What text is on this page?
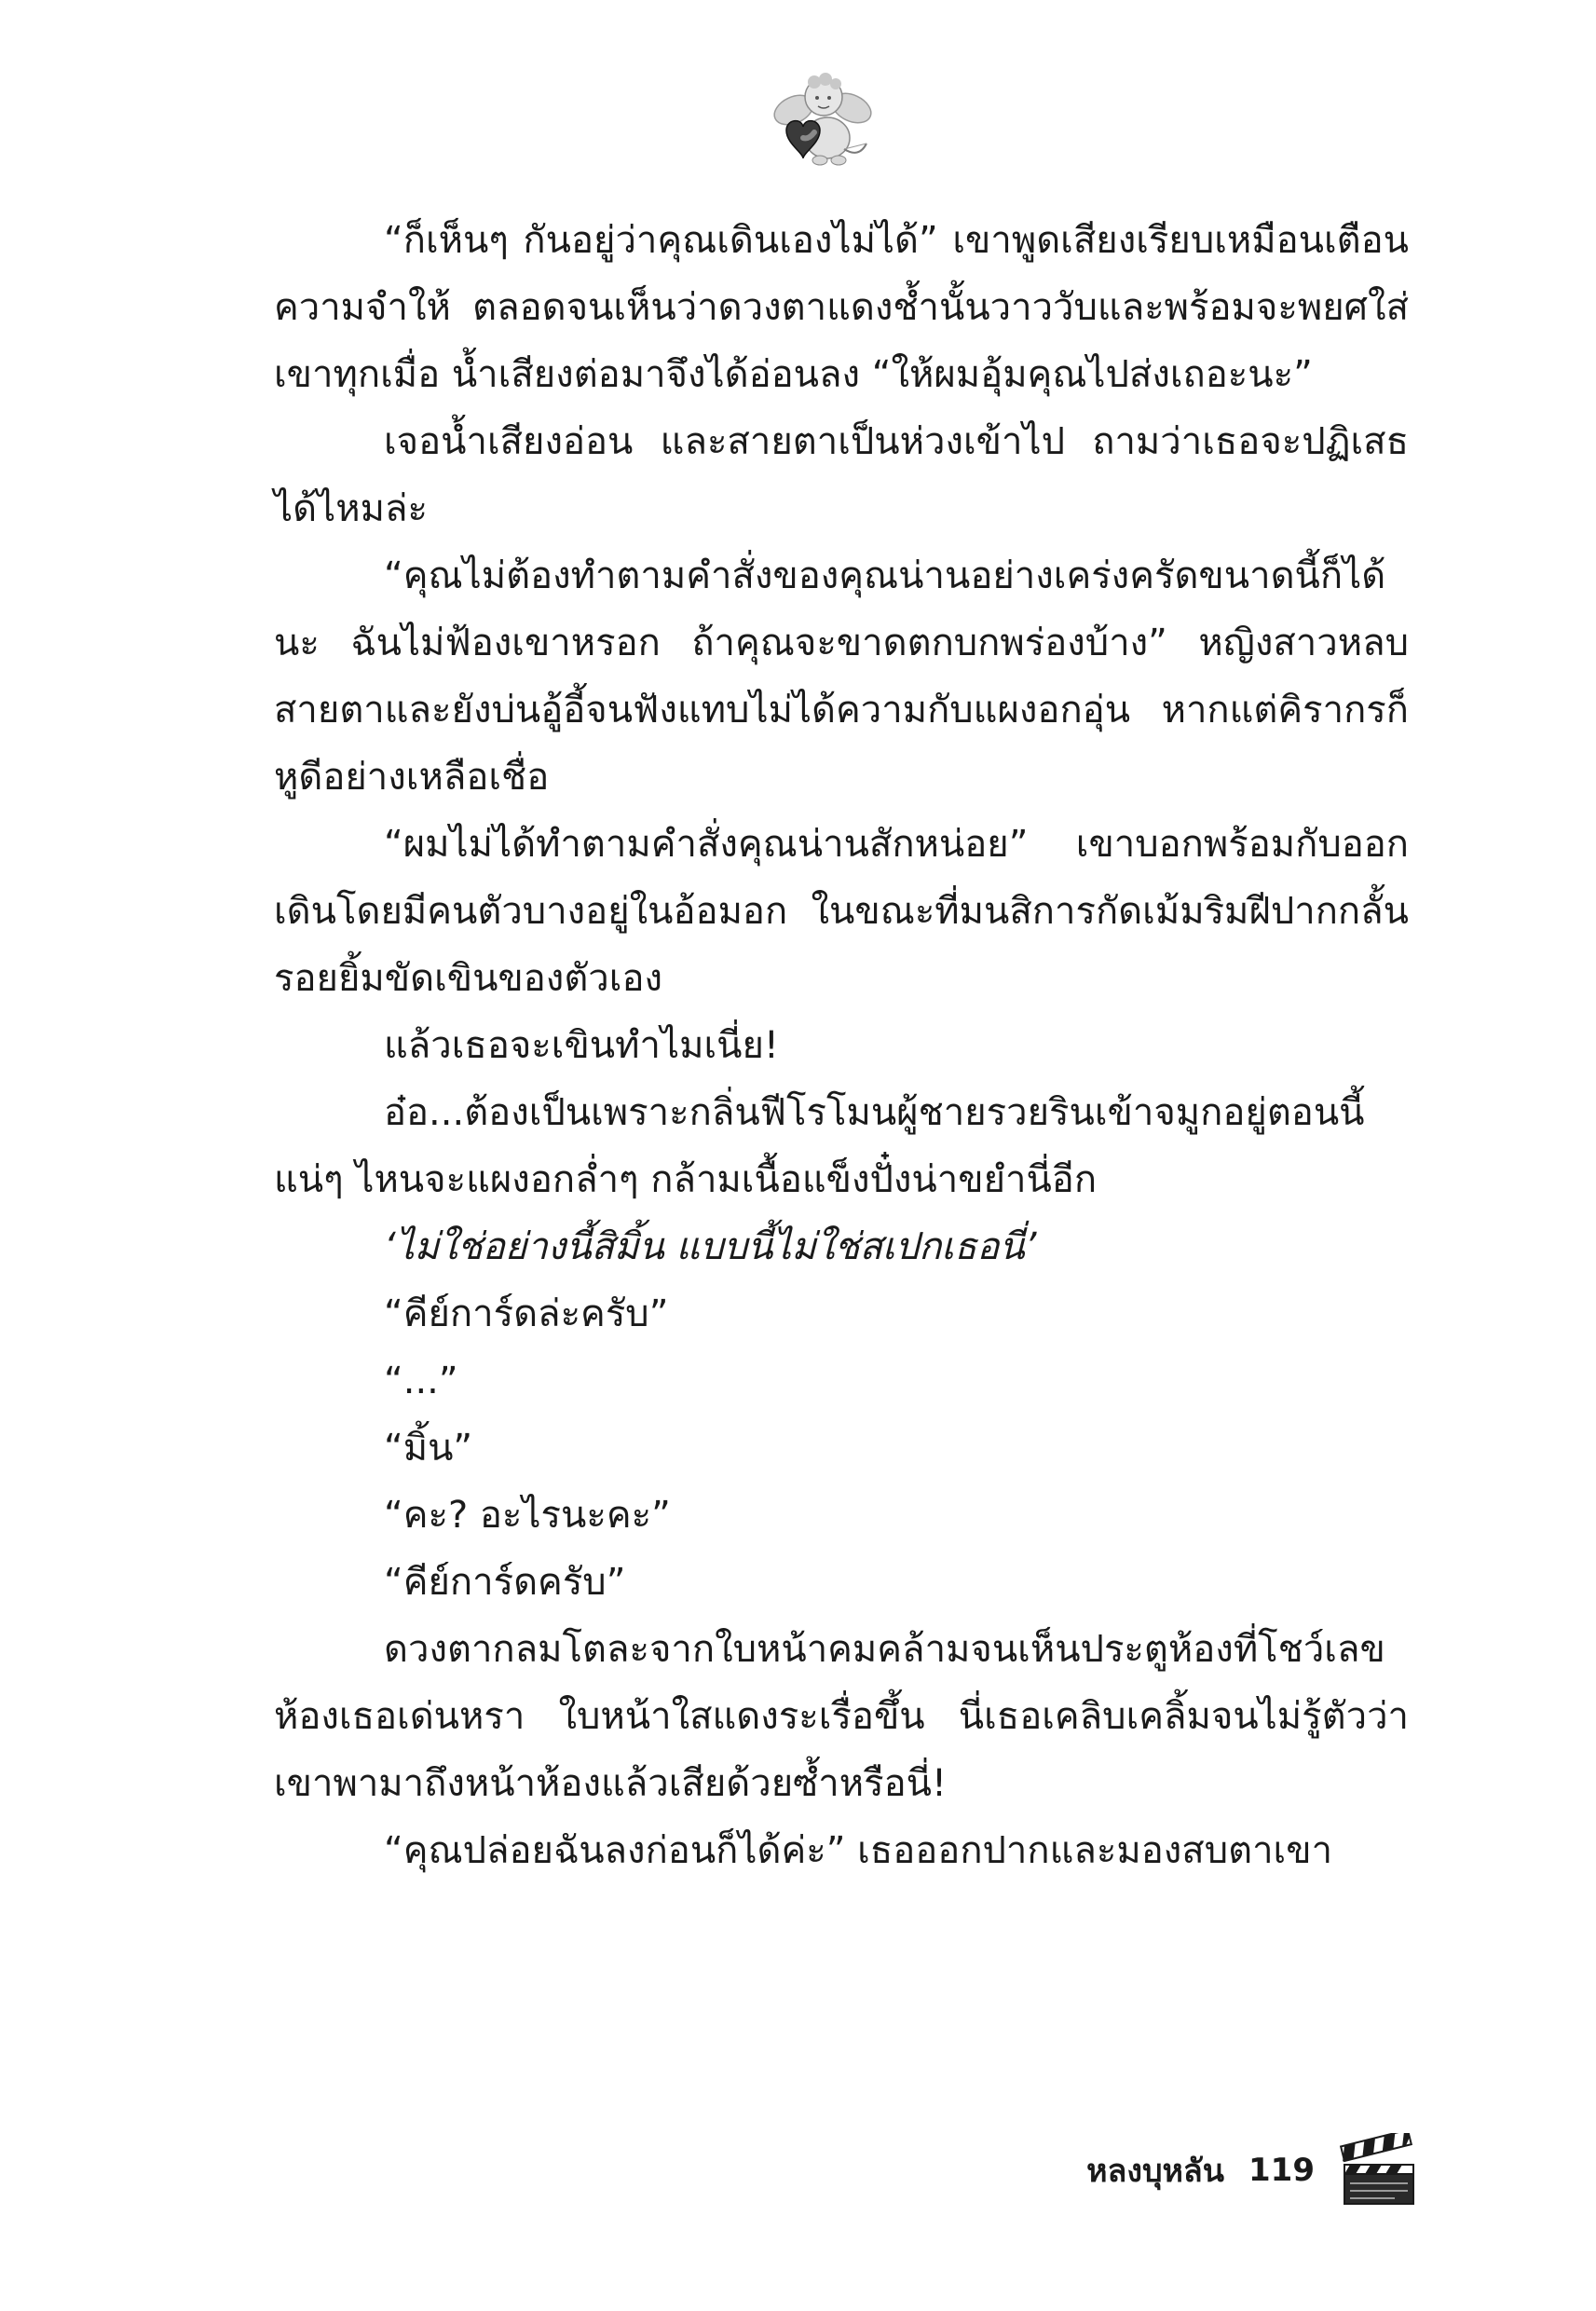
“ก็เห็นๆ กันอยู่ว่าคุณเดินเองไม่ได้” เขาพูดเสียงเรียบเหมือนเตือนความจำให้ ตลอดจนเห็นว่าดวงตาแดงช้ำนั้นวาววับและพร้อมจะพยศใส่เขาทุกเมื่อ น้ำเสียงต่อมาจึงได้อ่อนลง “ให้ผมอุ้มคุณไปส่งเถอะนะ”

เจอน้ำเสียงอ่อน และสายตาเป็นห่วงเข้าไป ถามว่าเธอจะปฏิเสธได้ไหมล่ะ

“คุณไม่ต้องทำตามคำสั่งของคุณน่านอย่างเคร่งครัดขนาดนี้ก็ได้นะ ฉันไม่ฟ้องเขาหรอก ถ้าคุณจะขาดตกบกพร่องบ้าง” หญิงสาวหลบสายตาและยังบ่นอู้อี้จนฟังแทบไม่ได้ความกับแผงอกอุ่น หากแต่คิรากรก็หูดีอย่างเหลือเชื่อ

“ผมไม่ได้ทำตามคำสั่งคุณน่านสักหน่อย” เขาบอกพร้อมกับออกเดินโดยมีคนตัวบางอยู่ในอ้อมอก ในขณะที่มนสิการกัดเม้มริมฝีปากกลั้นรอยยิ้มขัดเขินของตัวเอง

แล้วเธอจะเขินทำไมเนี่ย!

อ๋อ...ต้องเป็นเพราะกลิ่นฟีโรโมนผู้ชายรวยรินเข้าจมูกอยู่ตอนนี้แน่ๆ ไหนจะแผงอกล่ำๆ กล้ามเนื้อแข็งปั๋งน่าขยำนี่อีก

‘ไม่ใช่อย่างนี้สิมิ้น แบบนี้ไม่ใช่สเปกเธอนี่’

“คีย์การ์ดล่ะครับ”

“...”

“มิ้น”

“คะ? อะไรนะคะ”

“คีย์การ์ดครับ”

ดวงตากลมโตละจากใบหน้าคมคล้ามจนเห็นประตูห้องที่โชว์เลขห้องเธอเด่นหรา ใบหน้าใสแดงระเรื่อขึ้น นี่เธอเคลิบเคลิ้มจนไม่รู้ตัวว่าเขาพามาถึงหน้าห้องแล้วเสียด้วยซ้ำหรือนี่!

“คุณปล่อยฉันลงก่อนก็ได้ค่ะ” เธอออกปากและมองสบตาเขา

หลงบุหลัน 119
